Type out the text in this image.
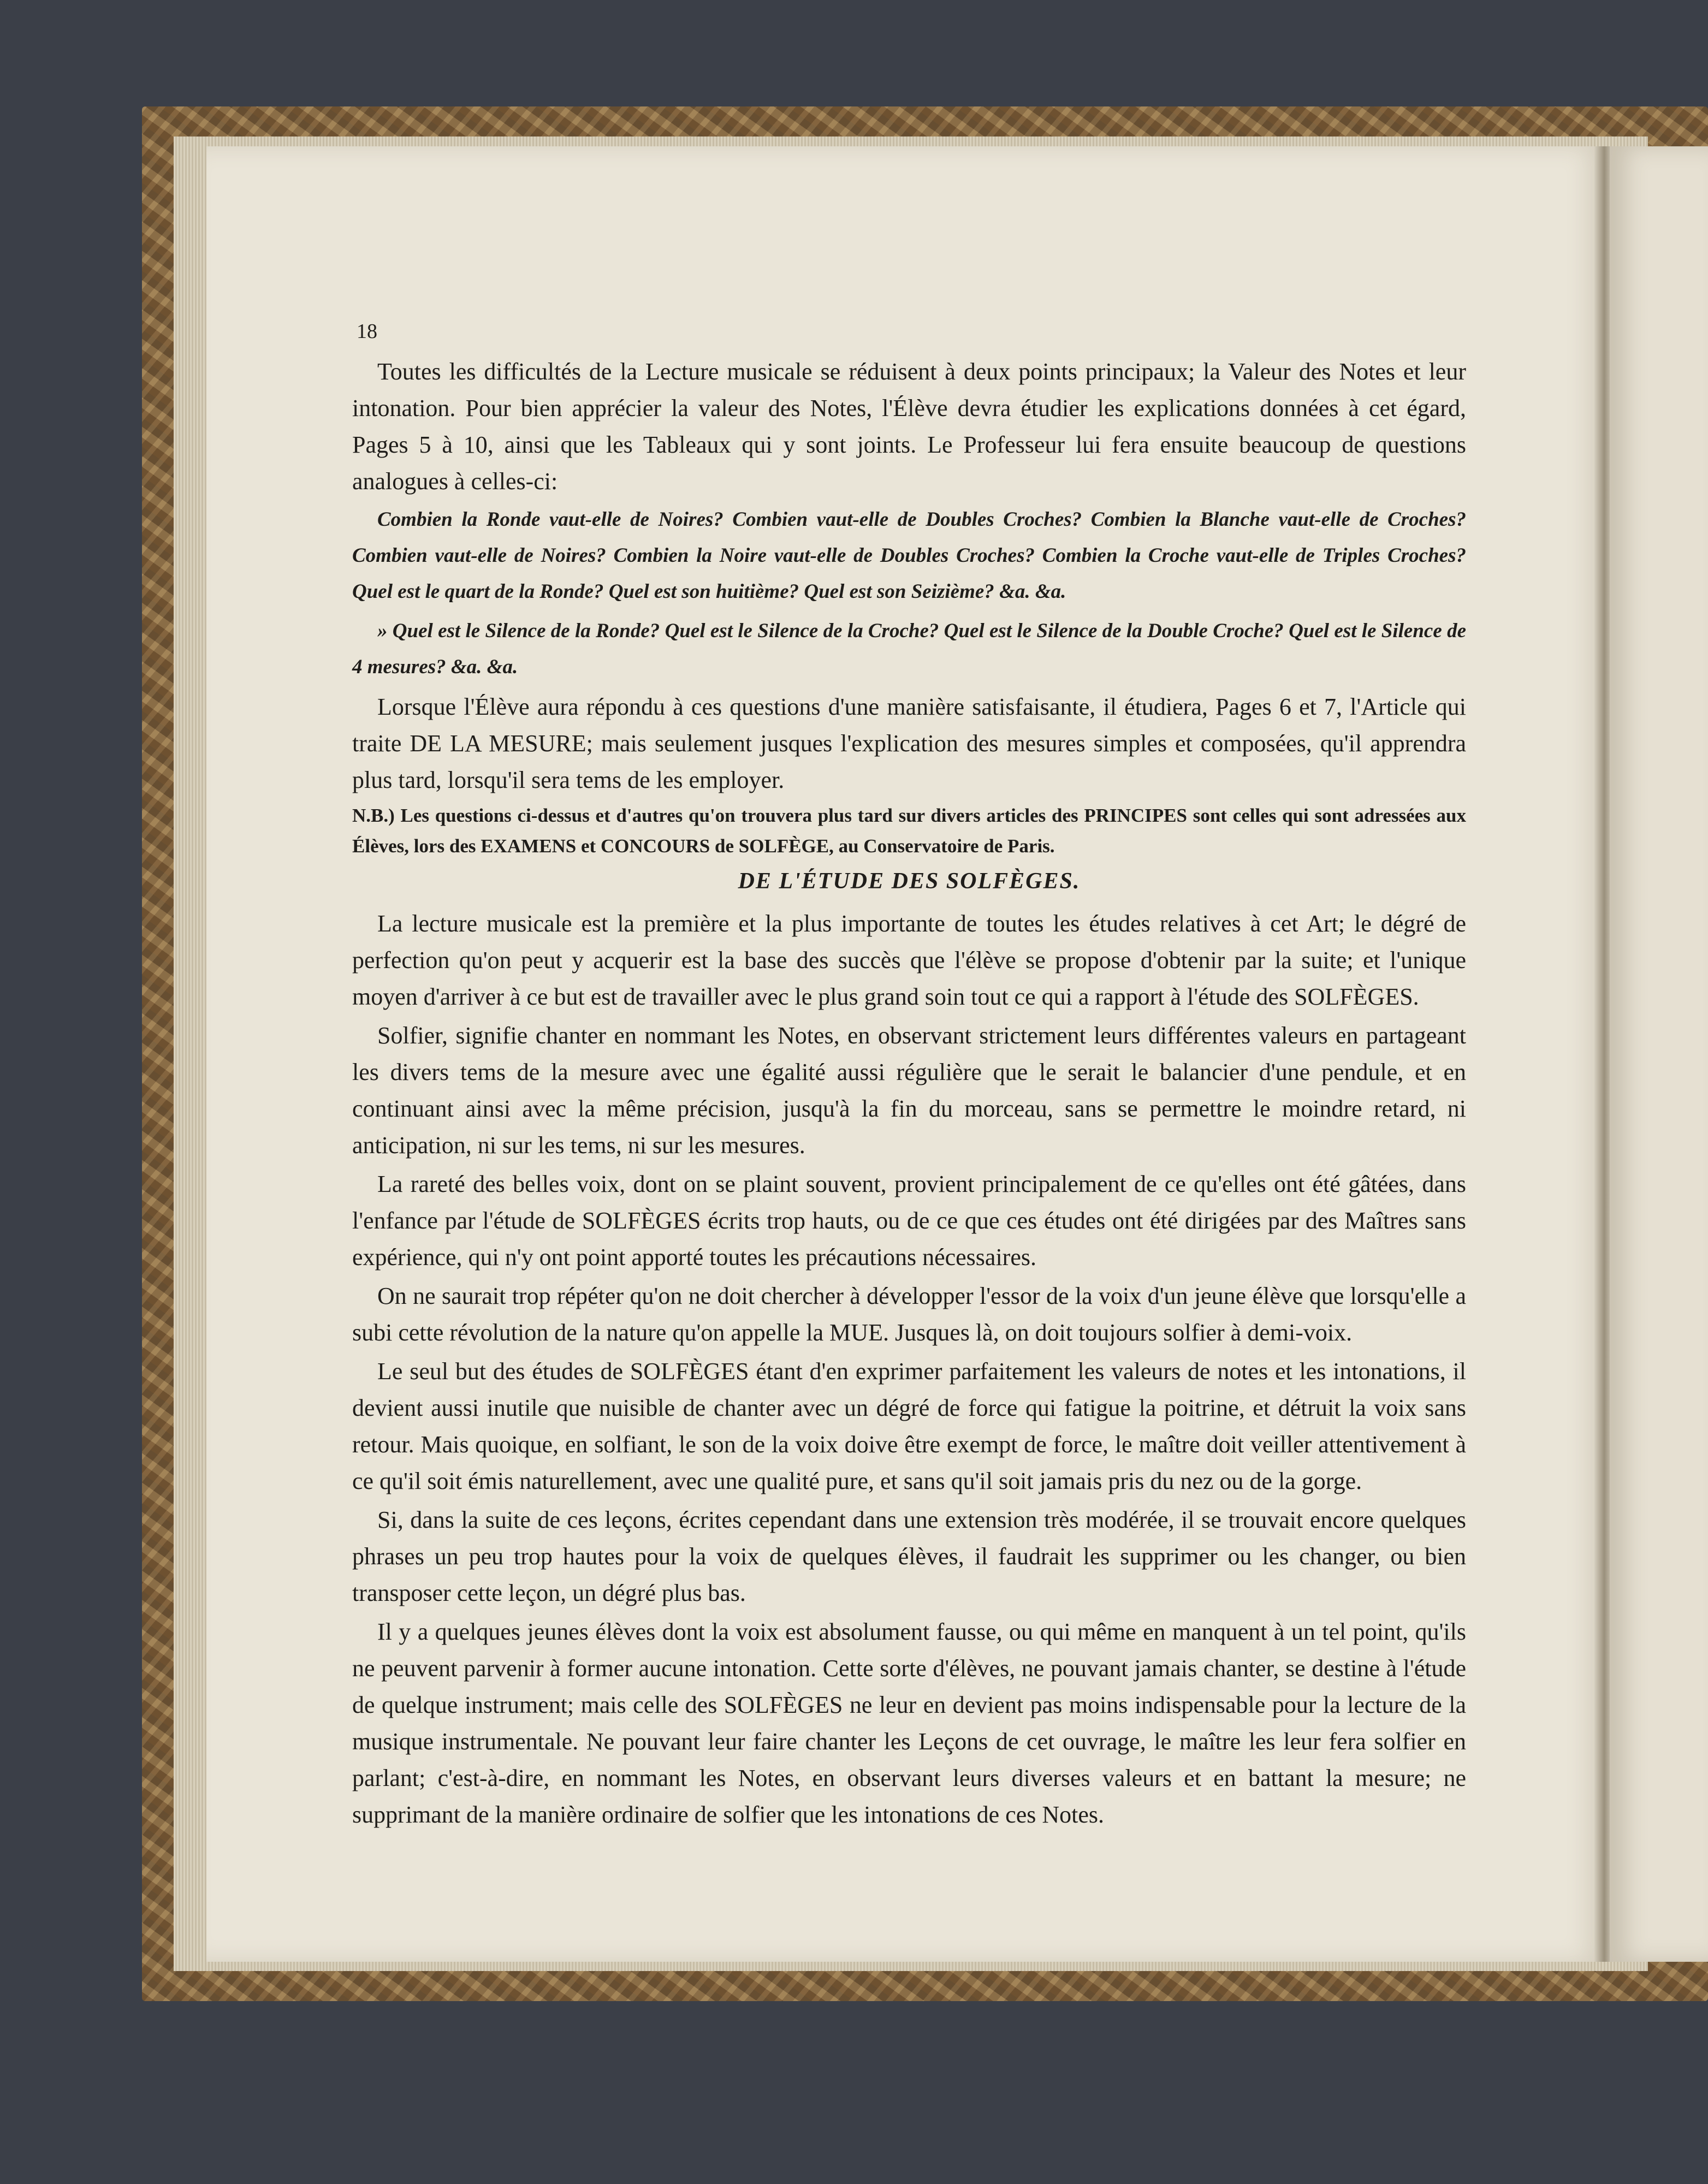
18

Toutes les difficultés de la Lecture musicale se réduisent à deux points principaux; la Valeur des Notes et leur intonation. Pour bien apprécier la valeur des Notes, l'Élève devra étudier les explications données à cet égard, Pages 5 à 10, ainsi que les Tableaux qui y sont joints. Le Professeur lui fera ensuite beaucoup de questions analogues à celles-ci:

Combien la Ronde vaut-elle de Noires? Combien vaut-elle de Doubles Croches? Combien la Blanche vaut-elle de Croches? Combien vaut-elle de Noires? Combien la Noire vaut-elle de Doubles Croches? Combien la Croche vaut-elle de Triples Croches? Quel est le quart de la Ronde? Quel est son huitième? Quel est son Seizième? &a. &a.

» Quel est le Silence de la Ronde? Quel est le Silence de la Croche? Quel est le Silence de la Double Croche? Quel est le Silence de 4 mesures? &a. &a.

Lorsque l'Élève aura répondu à ces questions d'une manière satisfaisante, il étudiera, Pages 6 et 7, l'Article qui traite DE LA MESURE; mais seulement jusques l'explication des mesures simples et composées, qu'il apprendra plus tard, lorsqu'il sera tems de les employer.

N.B.) Les questions ci-dessus et d'autres qu'on trouvera plus tard sur divers articles des PRINCIPES sont celles qui sont adressées aux Élèves, lors des EXAMENS et CONCOURS de SOLFÈGE, au Conservatoire de Paris.

DE L'ÉTUDE DES SOLFÈGES.

La lecture musicale est la première et la plus importante de toutes les études relatives à cet Art; le dégré de perfection qu'on peut y acquerir est la base des succès que l'élève se propose d'obtenir par la suite; et l'unique moyen d'arriver à ce but est de travailler avec le plus grand soin tout ce qui a rapport à l'étude des SOLFÈGES.

Solfier, signifie chanter en nommant les Notes, en observant strictement leurs différentes valeurs en partageant les divers tems de la mesure avec une égalité aussi régulière que le serait le balancier d'une pendule, et en continuant ainsi avec la même précision, jusqu'à la fin du morceau, sans se permettre le moindre retard, ni anticipation, ni sur les tems, ni sur les mesures.

La rareté des belles voix, dont on se plaint souvent, provient principalement de ce qu'elles ont été gâtées, dans l'enfance par l'étude de SOLFÈGES écrits trop hauts, ou de ce que ces études ont été dirigées par des Maîtres sans expérience, qui n'y ont point apporté toutes les précautions nécessaires.

On ne saurait trop répéter qu'on ne doit chercher à développer l'essor de la voix d'un jeune élève que lorsqu'elle a subi cette révolution de la nature qu'on appelle la MUE. Jusques là, on doit toujours solfier à demi-voix.

Le seul but des études de SOLFÈGES étant d'en exprimer parfaitement les valeurs de notes et les intonations, il devient aussi inutile que nuisible de chanter avec un dégré de force qui fatigue la poitrine, et détruit la voix sans retour. Mais quoique, en solfiant, le son de la voix doive être exempt de force, le maître doit veiller attentivement à ce qu'il soit émis naturellement, avec une qualité pure, et sans qu'il soit jamais pris du nez ou de la gorge.

Si, dans la suite de ces leçons, écrites cependant dans une extension très modérée, il se trouvait encore quelques phrases un peu trop hautes pour la voix de quelques élèves, il faudrait les supprimer ou les changer, ou bien transposer cette leçon, un dégré plus bas.

Il y a quelques jeunes élèves dont la voix est absolument fausse, ou qui même en manquent à un tel point, qu'ils ne peuvent parvenir à former aucune intonation. Cette sorte d'élèves, ne pouvant jamais chanter, se destine à l'étude de quelque instrument; mais celle des SOLFÈGES ne leur en devient pas moins indispensable pour la lecture de la musique instrumentale. Ne pouvant leur faire chanter les Leçons de cet ouvrage, le maître les leur fera solfier en parlant; c'est-à-dire, en nommant les Notes, en observant leurs diverses valeurs et en battant la mesure; ne supprimant de la manière ordinaire de solfier que les intonations de ces Notes.
